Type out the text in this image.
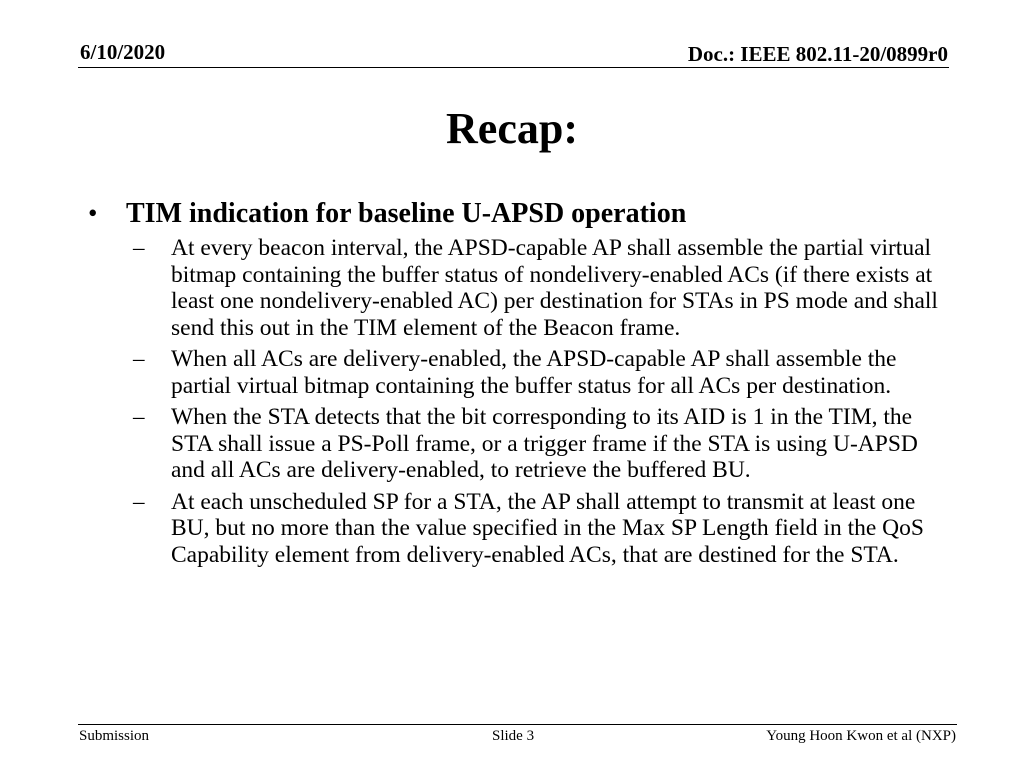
6/10/2020	Doc.: IEEE 802.11-20/0899r0
Recap:
•	TIM indication for baseline U-APSD operation
–	At every beacon interval, the APSD-capable AP shall assemble the partial virtual bitmap containing the buffer status of nondelivery-enabled ACs (if there exists at least one nondelivery-enabled AC) per destination for STAs in PS mode and shall send this out in the TIM element of the Beacon frame.
–	When all ACs are delivery-enabled, the APSD-capable AP shall assemble the partial virtual bitmap containing the buffer status for all ACs per destination.
–	When the STA detects that the bit corresponding to its AID is 1 in the TIM, the STA shall issue a PS-Poll frame, or a trigger frame if the STA is using U-APSD and all ACs are delivery-enabled, to retrieve the buffered BU.
–	At each unscheduled SP for a STA, the AP shall attempt to transmit at least one BU, but no more than the value specified in the Max SP Length field in the QoS Capability element from delivery-enabled ACs, that are destined for the STA.
Submission	Slide 3	Young Hoon Kwon et al (NXP)
